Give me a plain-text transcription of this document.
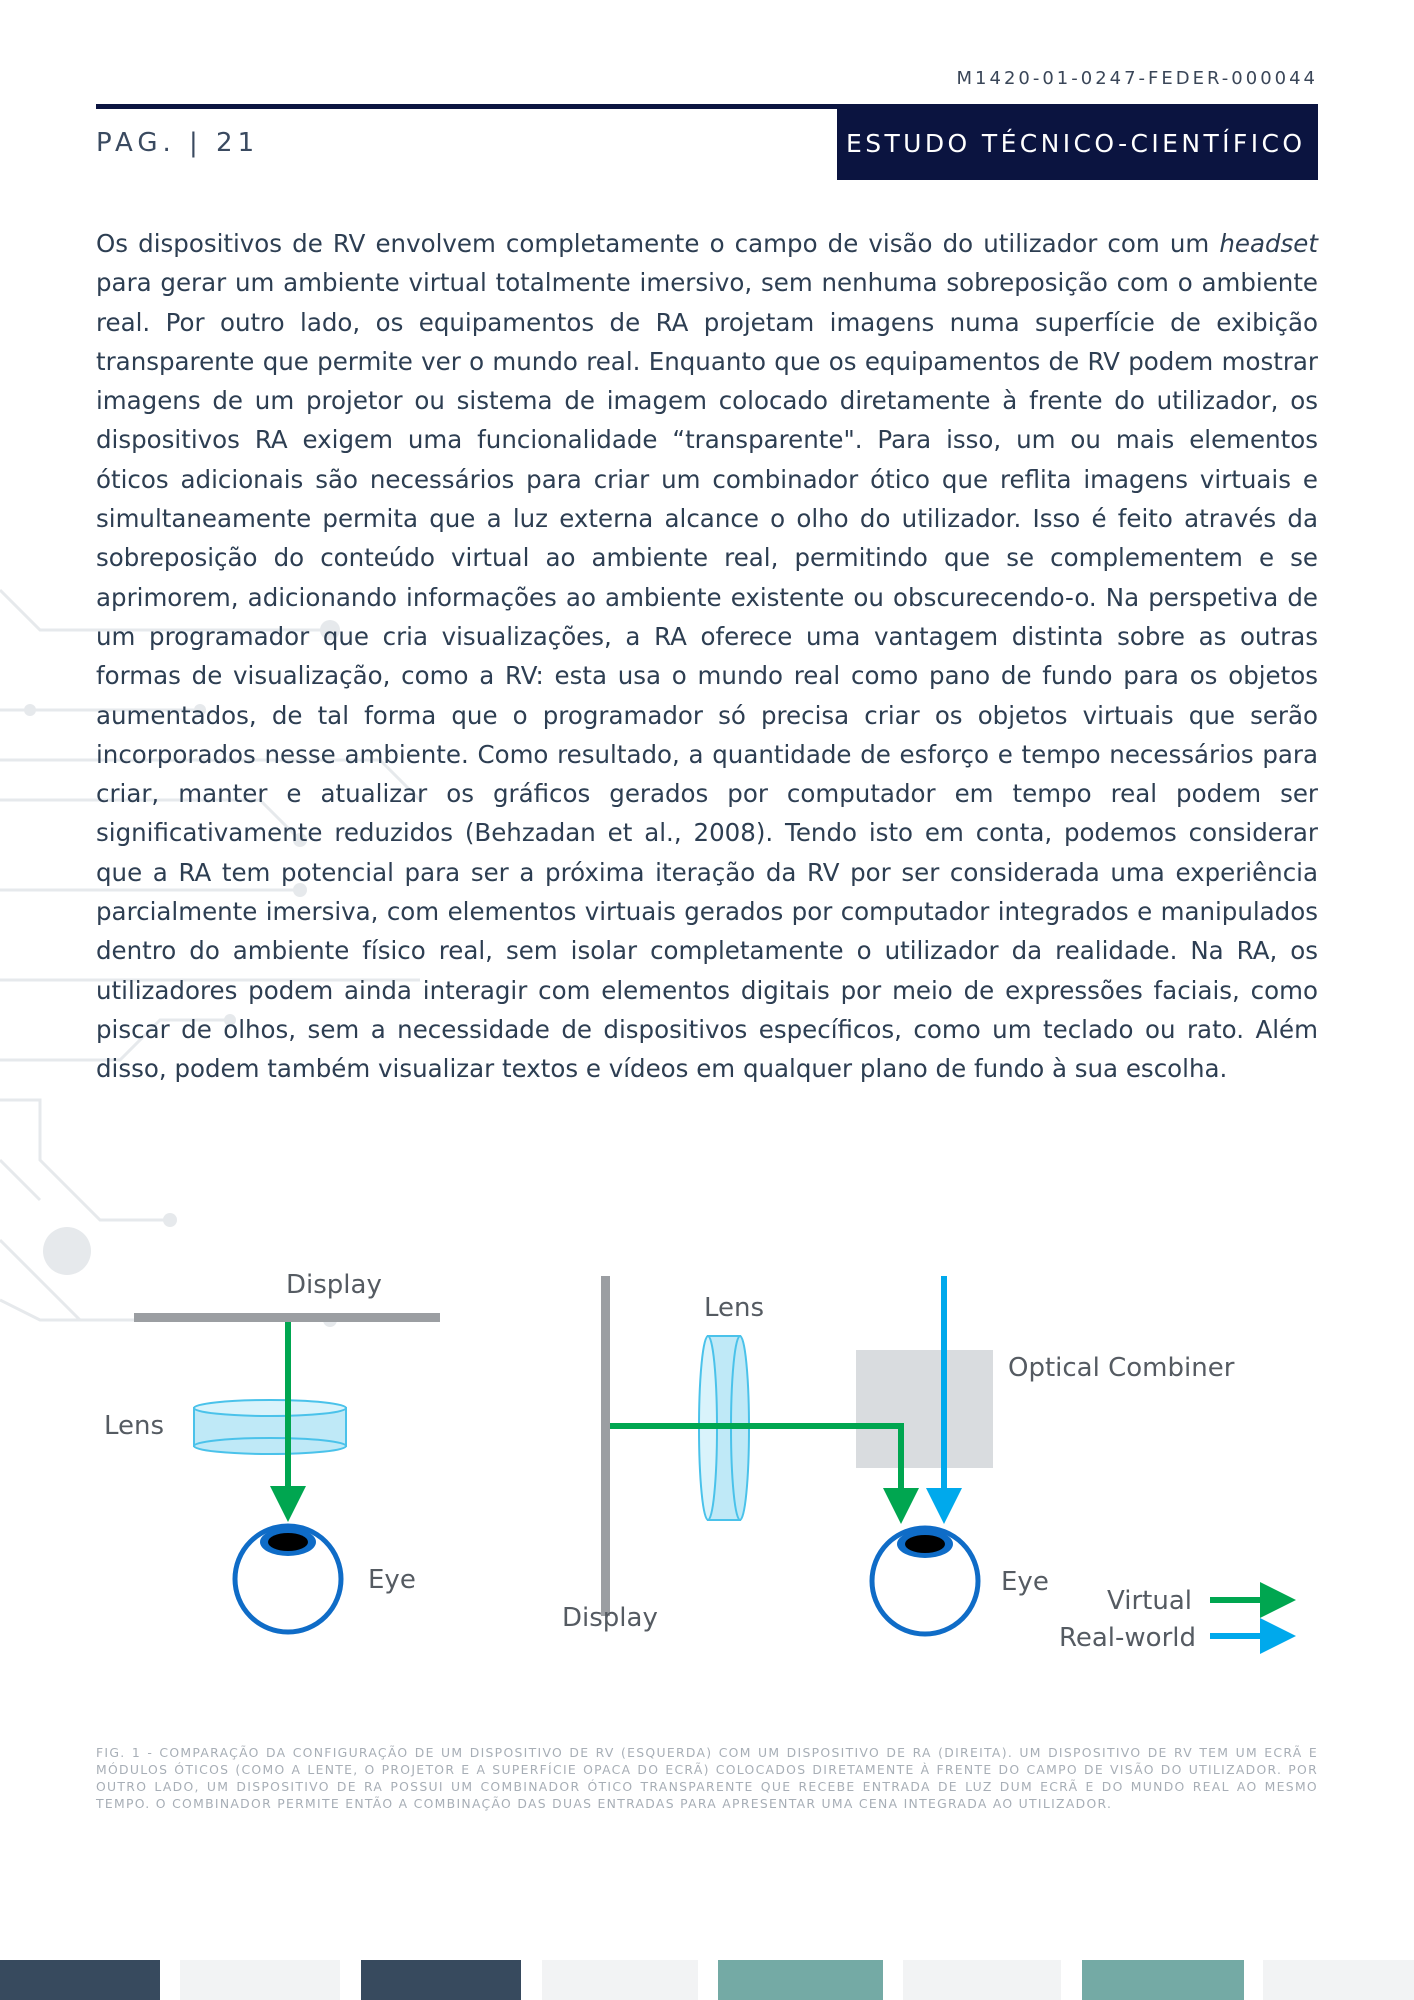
M1420-01-0247-FEDER-000044
PAG. | 21	ESTUDO TÉCNICO-CIENTÍFICO |

Os dispositivos de RV envolvem completamente o campo de visão do utilizador com um headset para gerar um ambiente virtual totalmente imersivo, sem nenhuma sobreposição com o ambiente real. Por outro lado, os equipamentos de RA projetam imagens numa superfície de exibição transparente que permite ver o mundo real. Enquanto que os equipamentos de RV podem mostrar imagens de um projetor ou sistema de imagem colocado diretamente à frente do utilizador, os dispositivos RA exigem uma funcionalidade “transparente". Para isso, um ou mais elementos óticos adicionais são necessários para criar um combinador ótico que reflita imagens virtuais e simultaneamente permita que a luz externa alcance o olho do utilizador. Isso é feito através da sobreposição do conteúdo virtual ao ambiente real, permitindo que se complementem e se aprimorem, adicionando informações ao ambiente existente ou obscurecendo-o. Na perspetiva de um programador que cria visualizações, a RA oferece uma vantagem distinta sobre as outras formas de visualização, como a RV: esta usa o mundo real como pano de fundo para os objetos aumentados, de tal forma que o programador só precisa criar os objetos virtuais que serão incorporados nesse ambiente. Como resultado, a quantidade de esforço e tempo necessários para criar, manter e atualizar os gráficos gerados por computador em tempo real podem ser significativamente reduzidos (Behzadan et al., 2008). Tendo isto em conta, podemos considerar que a RA tem potencial para ser a próxima iteração da RV por ser considerada uma experiência parcialmente imersiva, com elementos virtuais gerados por computador integrados e manipulados dentro do ambiente físico real, sem isolar completamente o utilizador da realidade. Na RA, os utilizadores podem ainda interagir com elementos digitais por meio de expressões faciais, como piscar de olhos, sem a necessidade de dispositivos específicos, como um teclado ou rato. Além disso, podem também visualizar textos e vídeos em qualquer plano de fundo à sua escolha.

Display
Lens
Eye
Display
Lens
Optical Combiner
Eye
Virtual
Real-world
FIG. 1 - COMPARAÇÃO DA CONFIGURAÇÃO DE UM DISPOSITIVO DE RV (ESQUERDA) COM UM DISPOSITIVO DE RA (DIREITA). UM DISPOSITIVO DE RV TEM UM ECRÃ E MÓDULOS ÓTICOS (COMO A LENTE, O PROJETOR E A SUPERFÍCIE OPACA DO ECRÃ) COLOCADOS DIRETAMENTE À FRENTE DO CAMPO DE VISÃO DO UTILIZADOR. POR OUTRO LADO, UM DISPOSITIVO DE RA POSSUI UM COMBINADOR ÓTICO TRANSPARENTE QUE RECEBE ENTRADA DE LUZ DUM ECRÃ E DO MUNDO REAL AO MESMO TEMPO. O COMBINADOR PERMITE ENTÃO A COMBINAÇÃO DAS DUAS ENTRADAS PARA APRESENTAR UMA CENA INTEGRADA AO UTILIZADOR.
